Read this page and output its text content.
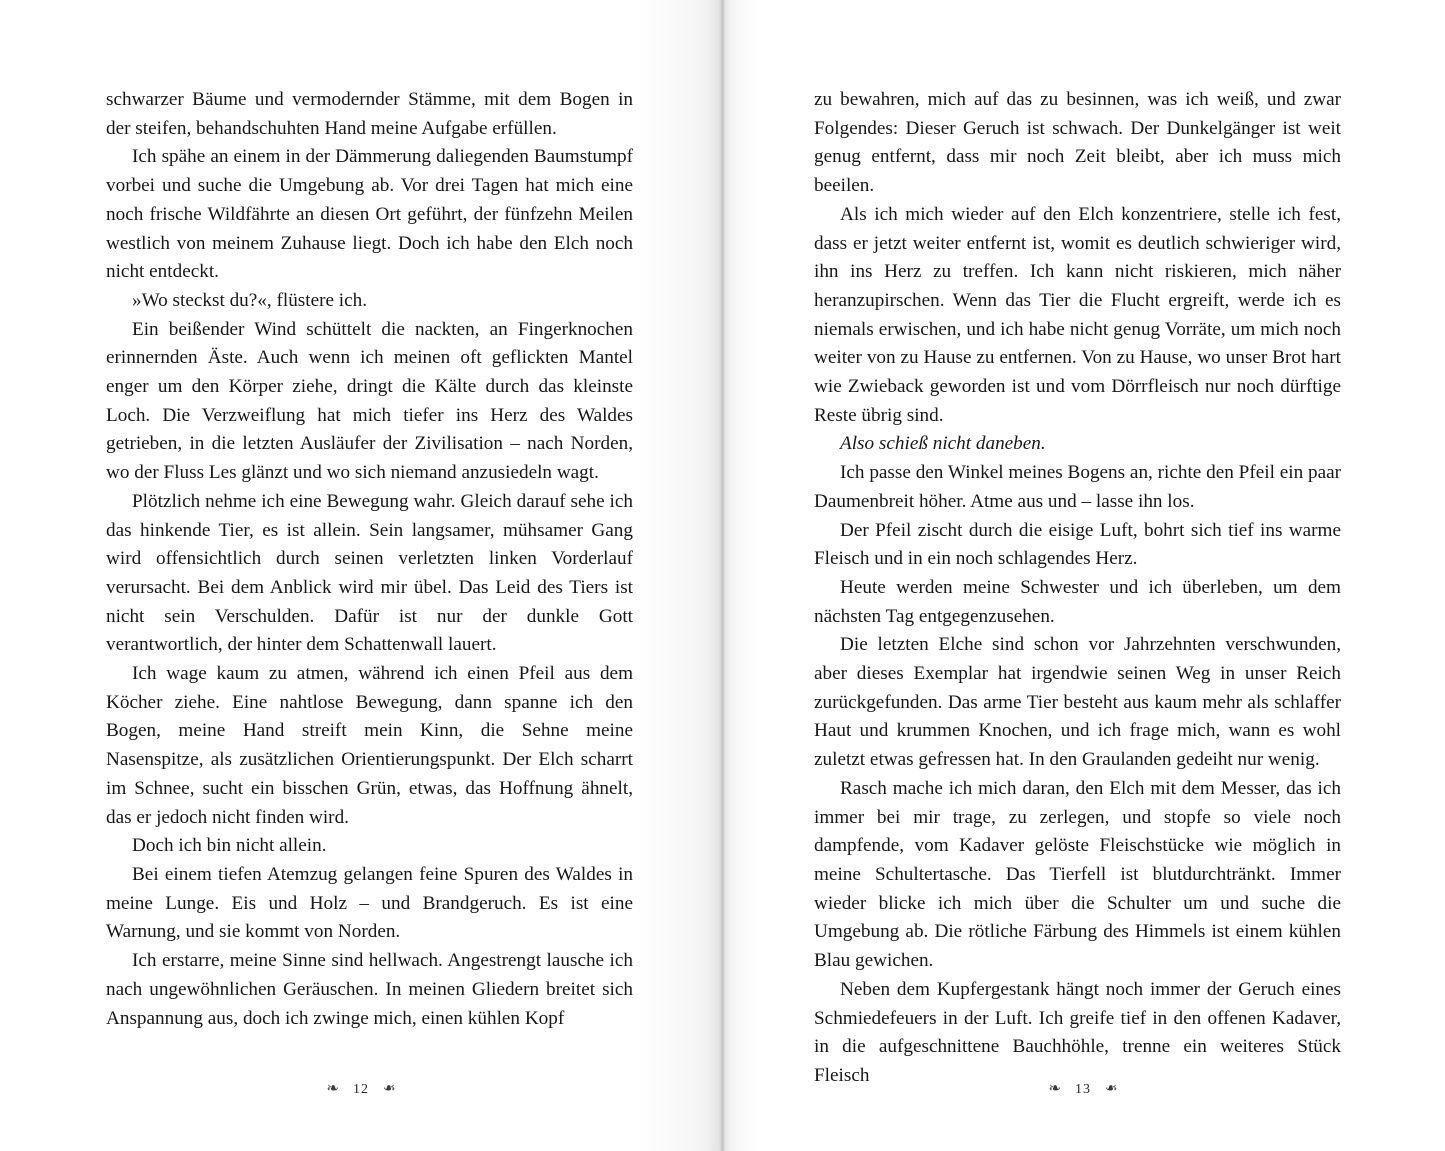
schwarzer Bäume und vermodernder Stämme, mit dem Bogen in der steifen, behandschuhten Hand meine Aufgabe erfüllen.

Ich spähe an einem in der Dämmerung daliegenden Baumstumpf vorbei und suche die Umgebung ab. Vor drei Tagen hat mich eine noch frische Wildfährte an diesen Ort geführt, der fünfzehn Meilen westlich von meinem Zuhause liegt. Doch ich habe den Elch noch nicht entdeckt.

»Wo steckst du?«, flüstere ich.

Ein beißender Wind schüttelt die nackten, an Fingerknochen erinnernden Äste. Auch wenn ich meinen oft geflickten Mantel enger um den Körper ziehe, dringt die Kälte durch das kleinste Loch. Die Verzweiflung hat mich tiefer ins Herz des Waldes getrieben, in die letzten Ausläufer der Zivilisation – nach Norden, wo der Fluss Les glänzt und wo sich niemand anzusiedeln wagt.

Plötzlich nehme ich eine Bewegung wahr. Gleich darauf sehe ich das hinkende Tier, es ist allein. Sein langsamer, mühsamer Gang wird offensichtlich durch seinen verletzten linken Vorderlauf verursacht. Bei dem Anblick wird mir übel. Das Leid des Tiers ist nicht sein Verschulden. Dafür ist nur der dunkle Gott verantwortlich, der hinter dem Schattenwall lauert.

Ich wage kaum zu atmen, während ich einen Pfeil aus dem Köcher ziehe. Eine nahtlose Bewegung, dann spanne ich den Bogen, meine Hand streift mein Kinn, die Sehne meine Nasenspitze, als zusätzlichen Orientierungspunkt. Der Elch scharrt im Schnee, sucht ein bisschen Grün, etwas, das Hoffnung ähnelt, das er jedoch nicht finden wird.

Doch ich bin nicht allein.

Bei einem tiefen Atemzug gelangen feine Spuren des Waldes in meine Lunge. Eis und Holz – und Brandgeruch. Es ist eine Warnung, und sie kommt von Norden.

Ich erstarre, meine Sinne sind hellwach. Angestrengt lausche ich nach ungewöhnlichen Geräuschen. In meinen Gliedern breitet sich Anspannung aus, doch ich zwinge mich, einen kühlen Kopf

❧ 12 ❧

zu bewahren, mich auf das zu besinnen, was ich weiß, und zwar Folgendes: Dieser Geruch ist schwach. Der Dunkelgänger ist weit genug entfernt, dass mir noch Zeit bleibt, aber ich muss mich beeilen.

Als ich mich wieder auf den Elch konzentriere, stelle ich fest, dass er jetzt weiter entfernt ist, womit es deutlich schwieriger wird, ihn ins Herz zu treffen. Ich kann nicht riskieren, mich näher heranzupirschen. Wenn das Tier die Flucht ergreift, werde ich es niemals erwischen, und ich habe nicht genug Vorräte, um mich noch weiter von zu Hause zu entfernen. Von zu Hause, wo unser Brot hart wie Zwieback geworden ist und vom Dörrfleisch nur noch dürftige Reste übrig sind.

Also schieß nicht daneben.

Ich passe den Winkel meines Bogens an, richte den Pfeil ein paar Daumenbreit höher. Atme aus und – lasse ihn los.

Der Pfeil zischt durch die eisige Luft, bohrt sich tief ins warme Fleisch und in ein noch schlagendes Herz.

Heute werden meine Schwester und ich überleben, um dem nächsten Tag entgegenzusehen.

Die letzten Elche sind schon vor Jahrzehnten verschwunden, aber dieses Exemplar hat irgendwie seinen Weg in unser Reich zurückgefunden. Das arme Tier besteht aus kaum mehr als schlaffer Haut und krummen Knochen, und ich frage mich, wann es wohl zuletzt etwas gefressen hat. In den Graulanden gedeiht nur wenig.

Rasch mache ich mich daran, den Elch mit dem Messer, das ich immer bei mir trage, zu zerlegen, und stopfe so viele noch dampfende, vom Kadaver gelöste Fleischstücke wie möglich in meine Schultertasche. Das Tierfell ist blutdurchtränkt. Immer wieder blicke ich mich über die Schulter um und suche die Umgebung ab. Die rötliche Färbung des Himmels ist einem kühlen Blau gewichen.

Neben dem Kupfergestank hängt noch immer der Geruch eines Schmiedefeuers in der Luft. Ich greife tief in den offenen Kadaver, in die aufgeschnittene Bauchhöhle, trenne ein weiteres Stück Fleisch

❧ 13 ❧
